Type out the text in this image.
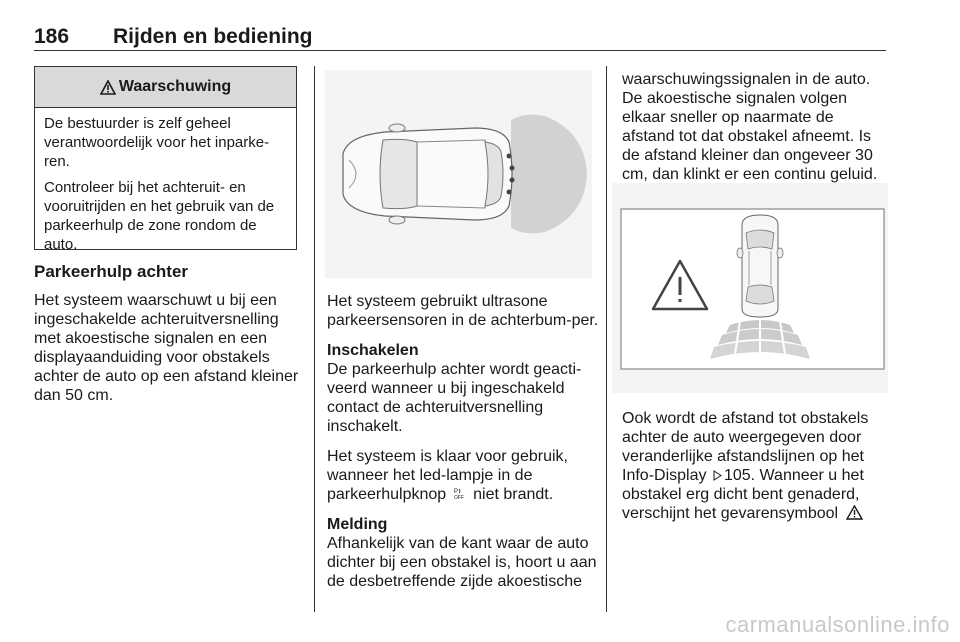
186 Rijden en bediening
Waarschuwing

De bestuurder is zelf geheel verantwoordelijk voor het inparke-ren.

Controleer bij het achteruit- en vooruitrijden en het gebruik van de parkeerhulp de zone rondom de auto.

Parkeerhulp achter

Het systeem waarschuwt u bij een ingeschakelde achteruitversnelling met akoestische signalen en een displayaanduiding voor obstakels achter de auto op een afstand kleiner dan 50 cm.

Het systeem gebruikt ultrasone parkeersensoren in de achterbum-per.

Inschakelen

De parkeerhulp achter wordt geacti-veerd wanneer u bij ingeschakeld contact de achteruitversnelling inschakelt.

Het systeem is klaar voor gebruik, wanneer het led-lampje in de parkeerhulpknop P
OFF niet brandt.

Melding

Afhankelijk van de kant waar de auto dichter bij een obstakel is, hoort u aan de desbetreffende zijde akoestische

waarschuwingssignalen in de auto. De akoestische signalen volgen elkaar sneller op naarmate de afstand tot dat obstakel afneemt. Is de afstand kleiner dan ongeveer 30 cm, dan klinkt er een continu geluid.

Ook wordt de afstand tot obstakels achter de auto weergegeven door veranderlijke afstandslijnen op het Info-Display 105. Wanneer u het obstakel erg dicht bent genaderd, verschijnt het gevarensymbool

carmanualsonline.info
